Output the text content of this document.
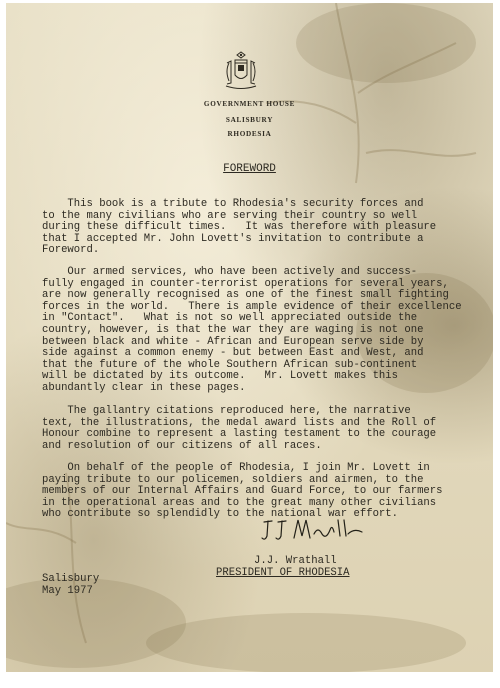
GOVERNMENT HOUSE
SALISBURY
RHODESIA
FOREWORD
This book is a tribute to Rhodesia's security forces and
to the many civilians who are serving their country so well
during these difficult times.   It was therefore with pleasure
that I accepted Mr. John Lovett's invitation to contribute a
Foreword.
Our armed services, who have been actively and success-
fully engaged in counter-terrorist operations for several years,
are now generally recognised as one of the finest small fighting
forces in the world.   There is ample evidence of their excellence
in "Contact".   What is not so well appreciated outside the
country, however, is that the war they are waging is not one
between black and white - African and European serve side by
side against a common enemy - but between East and West, and
that the future of the whole Southern African sub-continent
will be dictated by its outcome.   Mr. Lovett makes this
abundantly clear in these pages.
The gallantry citations reproduced here, the narrative
text, the illustrations, the medal award lists and the Roll of
Honour combine to represent a lasting testament to the courage
and resolution of our citizens of all races.
On behalf of the people of Rhodesia, I join Mr. Lovett in
paying tribute to our policemen, soldiers and airmen, to the
members of our Internal Affairs and Guard Force, to our farmers
in the operational areas and to the great many other civilians
who contribute so splendidly to the national war effort.
J.J. Wrathall
PRESIDENT OF RHODESIA
Salisbury
May 1977
